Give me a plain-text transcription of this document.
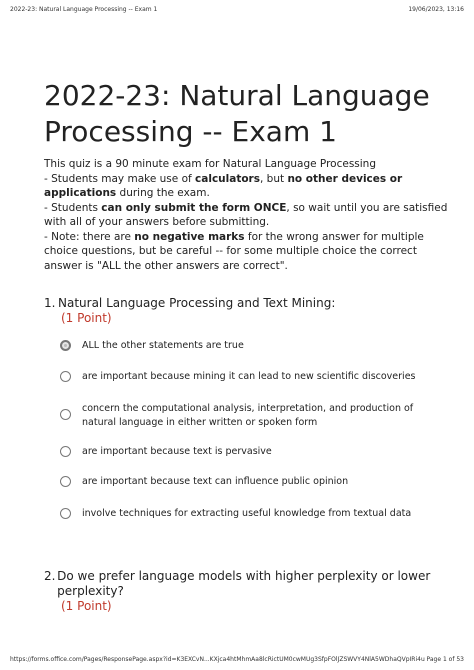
2022-23: Natural Language Processing -- Exam 1	19/06/2023, 13:16
2022-23: Natural Language Processing -- Exam 1

This quiz is a 90 minute exam for Natural Language Processing

- Students may make use of calculators, but no other devices or applications during the exam.

- Students can only submit the form ONCE, so wait until you are satisfied with all of your answers before submitting.

- Note: there are no negative marks for the wrong answer for multiple choice questions, but be careful -- for some multiple choice the correct answer is "ALL the other answers are correct".

1. Natural Language Processing and Text Mining:
(1 Point)
ALL the other statements are true
are important because mining it can lead to new scientific discoveries
concern the computational analysis, interpretation, and production of natural language in either written or spoken form
are important because text is pervasive
are important because text can influence public opinion
involve techniques for extracting useful knowledge from textual data
2. Do we prefer language models with higher perplexity or lower perplexity?
(1 Point)
https://forms.office.com/Pages/ResponsePage.aspx?id=K3EXCvN...KXjca4htMhmAa8lcRictUM0cwMUg3SfpFOlJZSWVY4NlA5WDhaQVpIRi4u Page 1 of 53
